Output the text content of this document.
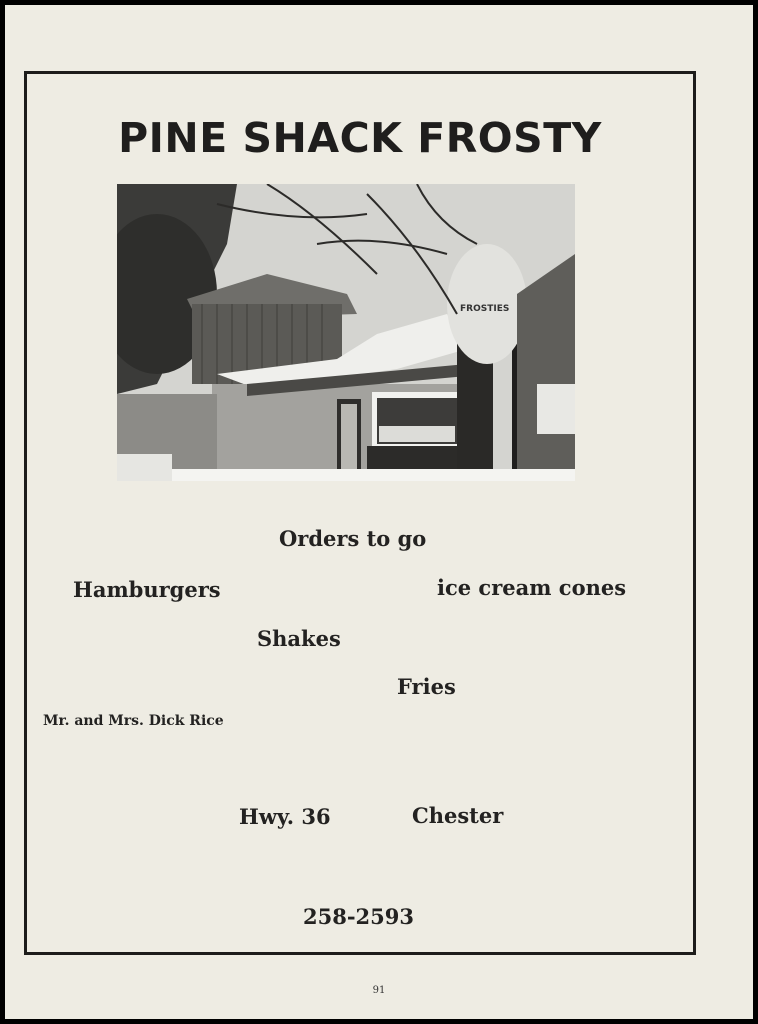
PINE SHACK FROSTY
FROSTIES
Orders to go
Hamburgers	ice cream cones
Shakes
Fries
Mr. and Mrs. Dick Rice
Hwy. 36	Chester
258-2593
91
